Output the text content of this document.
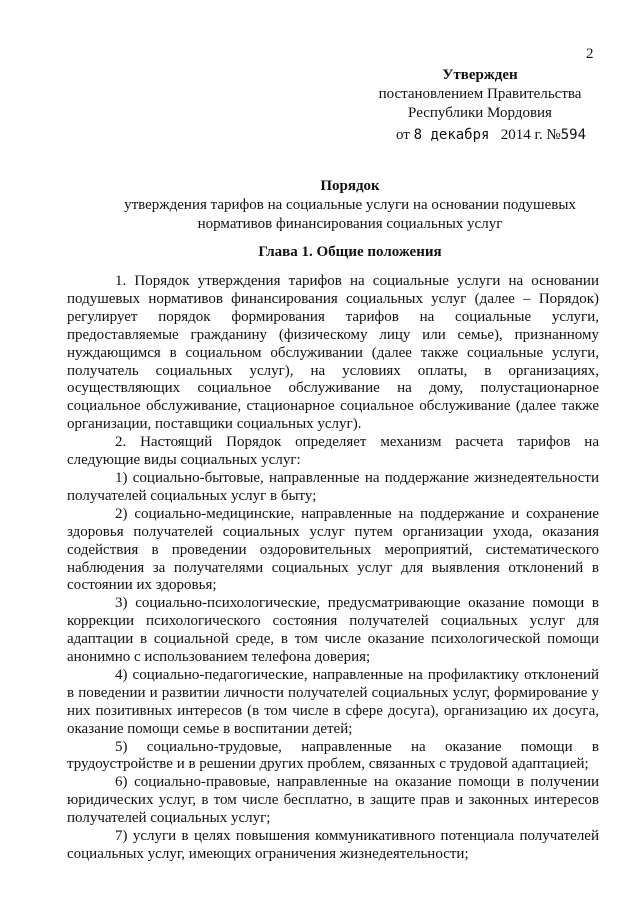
2
Утвержден
постановлением Правительства
Республики Мордовия
от 8 декабря 2014 г. №594
Порядок
утверждения тарифов на социальные услуги на основании подушевых
нормативов финансирования социальных услуг
Глава 1. Общие положения

1. Порядок утверждения тарифов на социальные услуги на основании подушевых нормативов финансирования социальных услуг (далее – Порядок) регулирует порядок формирования тарифов на социальные услуги, предоставляемые гражданину (физическому лицу или семье), признанному нуждающимся в социальном обслуживании (далее также социальные услуги, получатель социальных услуг), на условиях оплаты, в организациях, осуществляющих социальное обслуживание на дому, полустационарное социальное обслуживание, стационарное социальное обслуживание (далее также организации, поставщики социальных услуг).

2. Настоящий Порядок определяет механизм расчета тарифов на следующие виды социальных услуг:

1) социально-бытовые, направленные на поддержание жизнедеятельности получателей социальных услуг в быту;

2) социально-медицинские, направленные на поддержание и сохранение здоровья получателей социальных услуг путем организации ухода, оказания содействия в проведении оздоровительных мероприятий, систематического наблюдения за получателями социальных услуг для выявления отклонений в состоянии их здоровья;

3) социально-психологические, предусматривающие оказание помощи в коррекции психологического состояния получателей социальных услуг для адаптации в социальной среде, в том числе оказание психологической помощи анонимно с использованием телефона доверия;

4) социально-педагогические, направленные на профилактику отклонений в поведении и развитии личности получателей социальных услуг, формирование у них позитивных интересов (в том числе в сфере досуга), организацию их досуга, оказание помощи семье в воспитании детей;

5) социально-трудовые, направленные на оказание помощи в трудоустройстве и в решении других проблем, связанных с трудовой адаптацией;

6) социально-правовые, направленные на оказание помощи в получении юридических услуг, в том числе бесплатно, в защите прав и законных интересов получателей социальных услуг;

7) услуги в целях повышения коммуникативного потенциала получателей социальных услуг, имеющих ограничения жизнедеятельности;
